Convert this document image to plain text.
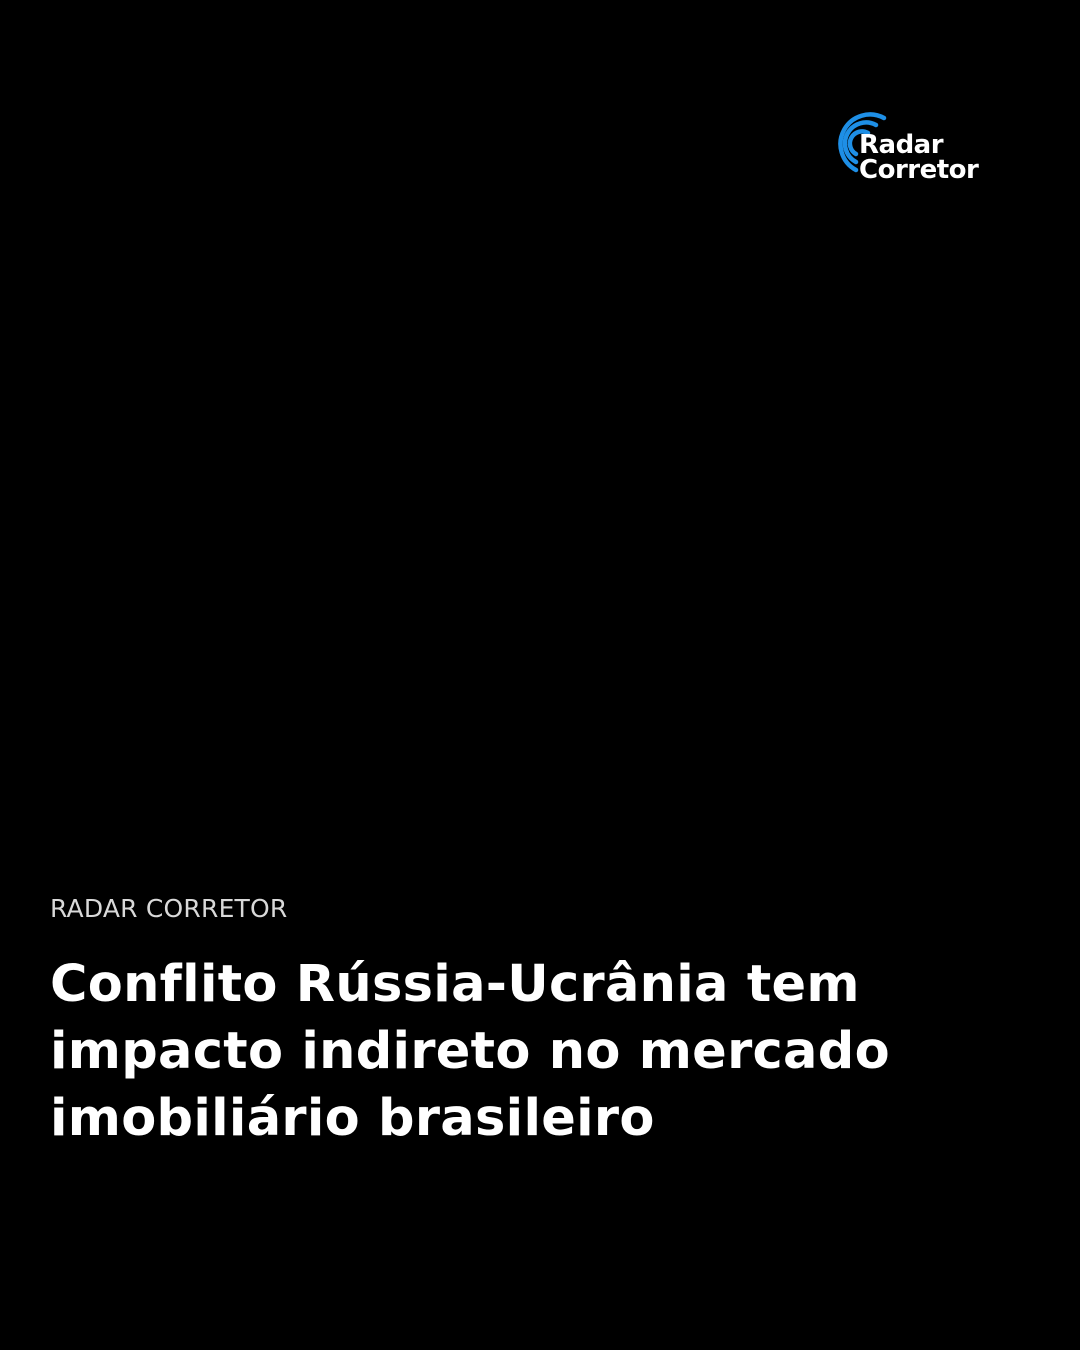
Radar
Corretor
RADAR CORRETOR
Conflito Rússia-Ucrânia tem impacto indireto no mercado imobiliário brasileiro
